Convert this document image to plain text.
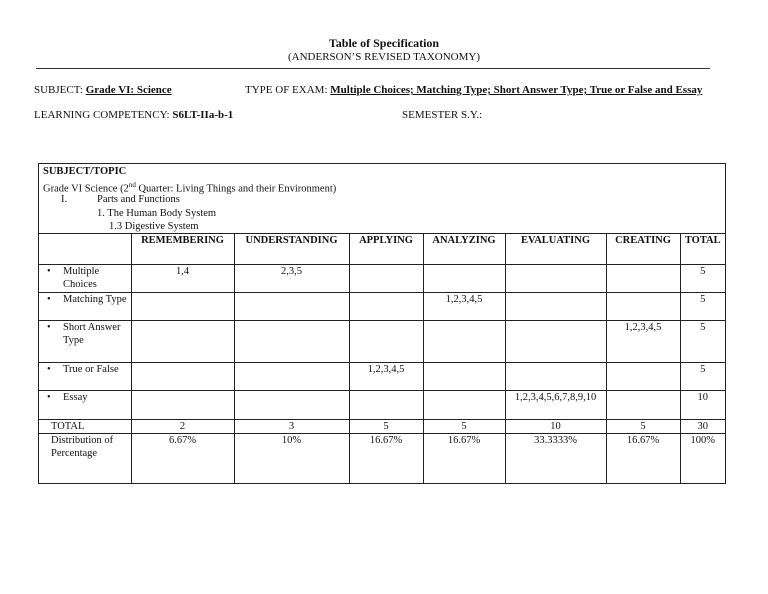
Table of Specification
(ANDERSON’S REVISED TAXONOMY)
SUBJECT: Grade VI: Science	TYPE OF EXAM: Multiple Choices; Matching Type; Short Answer Type; True or False and Essay
LEARNING COMPETENCY: S6LT-IIa-b-1	SEMESTER S.Y.:
SUBJECT/TOPIC
Grade VI Science (2nd Quarter: Living Things and their Environment)
I.	Parts and Functions
1. The Human Body System
1.3 Digestive System
	REMEMBERING	UNDERSTANDING	APPLYING	ANALYZING	EVALUATING	CREATING	TOTAL

• Multiple Choices	1,4	2,3,5					5

• Matching Type				1,2,3,4,5			5

• Short Answer Type						1,2,3,4,5	5

• True or False			1,2,3,4,5				5

• Essay					1,2,3,4,5,6,7,8,9,10		10
TOTAL	2	3	5	5	10	5	30
Distribution of Percentage	6.67%	10%	16.67%	16.67%	33.3333%	16.67%	100%
